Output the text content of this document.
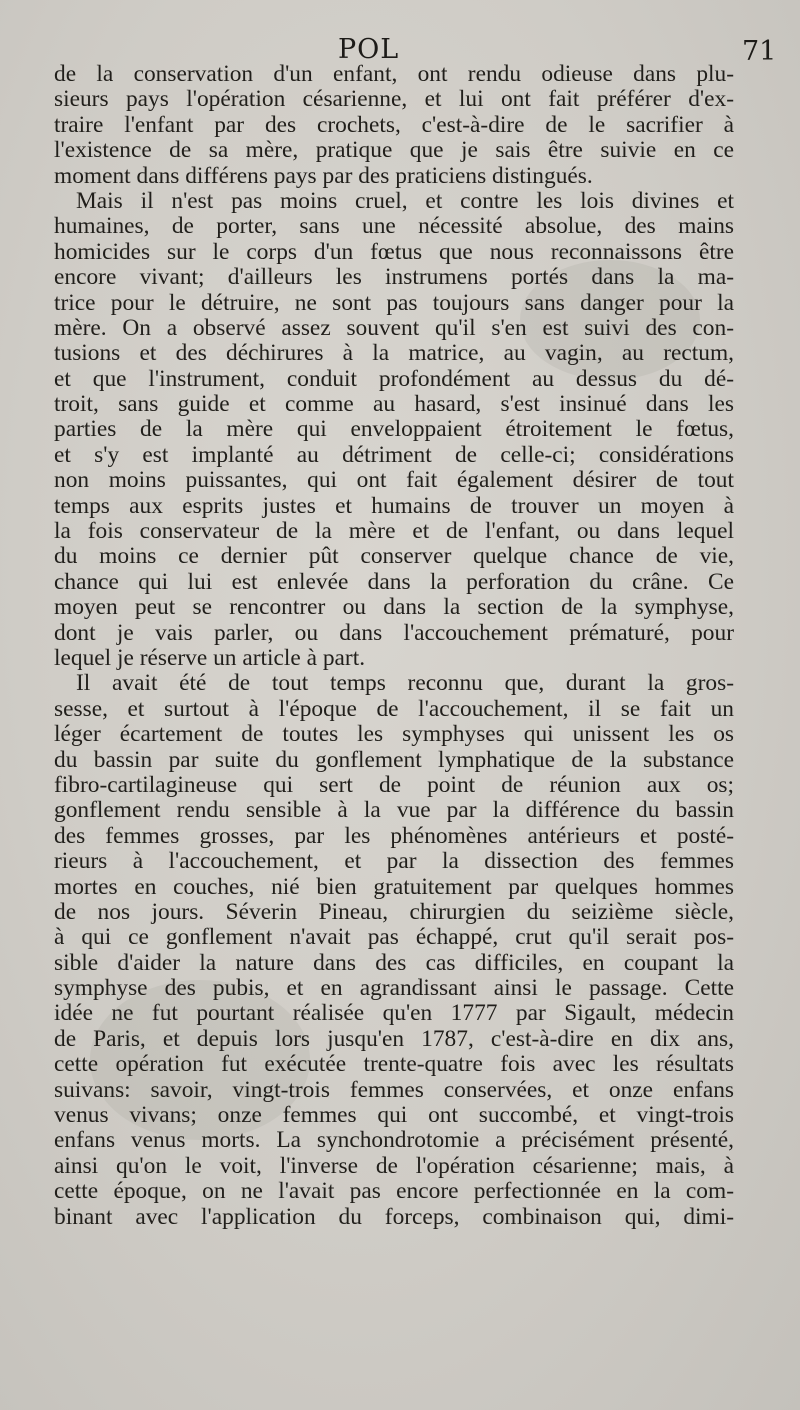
POL	71
de la conservation d'un enfant, ont rendu odieuse dans plu-
sieurs pays l'opération césarienne, et lui ont fait préférer d'ex-
traire l'enfant par des crochets, c'est-à-dire de le sacrifier à
l'existence de sa mère, pratique que je sais être suivie en ce
moment dans différens pays par des praticiens distingués.
Mais il n'est pas moins cruel, et contre les lois divines et
humaines, de porter, sans une nécessité absolue, des mains
homicides sur le corps d'un fœtus que nous reconnaissons être
encore vivant; d'ailleurs les instrumens portés dans la ma-
trice pour le détruire, ne sont pas toujours sans danger pour la
mère. On a observé assez souvent qu'il s'en est suivi des con-
tusions et des déchirures à la matrice, au vagin, au rectum,
et que l'instrument, conduit profondément au dessus du dé-
troit, sans guide et comme au hasard, s'est insinué dans les
parties de la mère qui enveloppaient étroitement le fœtus,
et s'y est implanté au détriment de celle-ci; considérations
non moins puissantes, qui ont fait également désirer de tout
temps aux esprits justes et humains de trouver un moyen à
la fois conservateur de la mère et de l'enfant, ou dans lequel
du moins ce dernier pût conserver quelque chance de vie,
chance qui lui est enlevée dans la perforation du crâne. Ce
moyen peut se rencontrer ou dans la section de la symphyse,
dont je vais parler, ou dans l'accouchement prématuré, pour
lequel je réserve un article à part.
Il avait été de tout temps reconnu que, durant la gros-
sesse, et surtout à l'époque de l'accouchement, il se fait un
léger écartement de toutes les symphyses qui unissent les os
du bassin par suite du gonflement lymphatique de la substance
fibro-cartilagineuse qui sert de point de réunion aux os;
gonflement rendu sensible à la vue par la différence du bassin
des femmes grosses, par les phénomènes antérieurs et posté-
rieurs à l'accouchement, et par la dissection des femmes
mortes en couches, nié bien gratuitement par quelques hommes
de nos jours. Séverin Pineau, chirurgien du seizième siècle,
à qui ce gonflement n'avait pas échappé, crut qu'il serait pos-
sible d'aider la nature dans des cas difficiles, en coupant la
symphyse des pubis, et en agrandissant ainsi le passage. Cette
idée ne fut pourtant réalisée qu'en 1777 par Sigault, médecin
de Paris, et depuis lors jusqu'en 1787, c'est-à-dire en dix ans,
cette opération fut exécutée trente-quatre fois avec les résultats
suivans: savoir, vingt-trois femmes conservées, et onze enfans
venus vivans; onze femmes qui ont succombé, et vingt-trois
enfans venus morts. La synchondrotomie a précisément présenté,
ainsi qu'on le voit, l'inverse de l'opération césarienne; mais, à
cette époque, on ne l'avait pas encore perfectionnée en la com-
binant avec l'application du forceps, combinaison qui, dimi-
